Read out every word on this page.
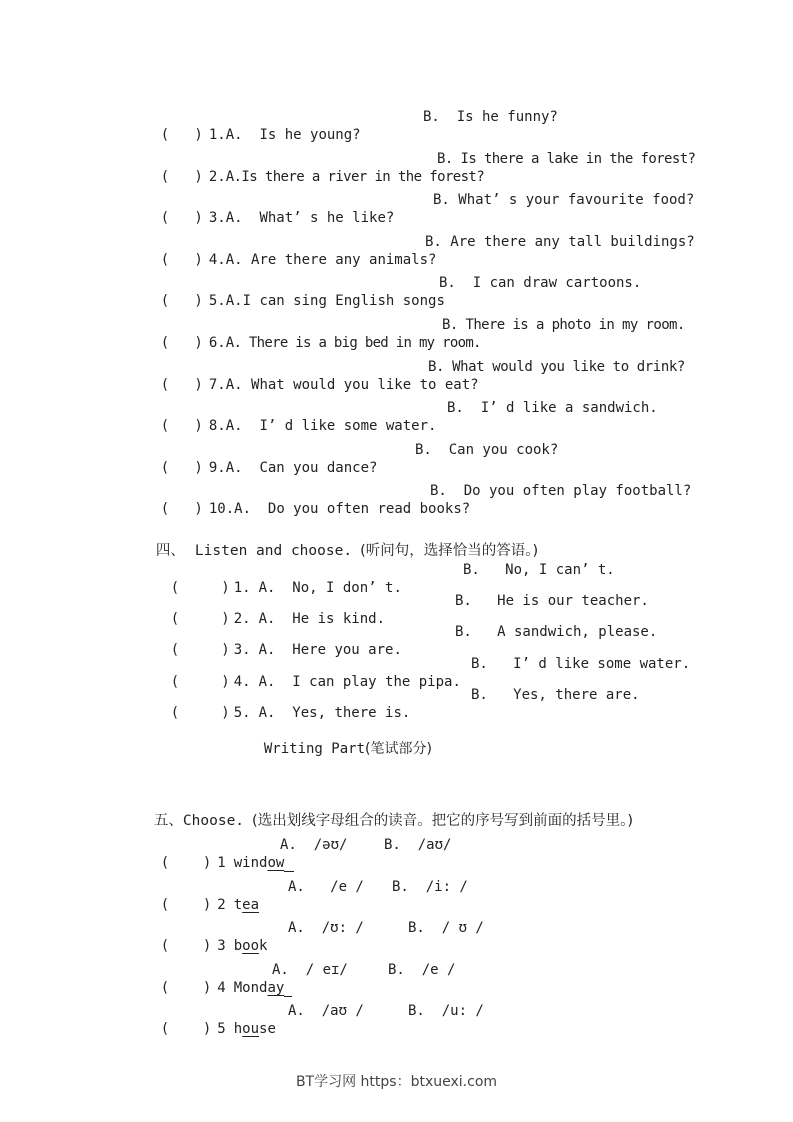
(   ) 1.A.  Is he young?

B.  Is he funny?

(   ) 2.A.Is there a river in the forest?

B. Is there a lake in the forest?

(   ) 3.A.  What’ s he like?

B. What’ s your favourite food?

(   ) 4.A. Are there any animals?

B. Are there any tall buildings?

(   ) 5.A.I can sing English songs

B.  I can draw cartoons.

(   ) 6.A. There is a big bed in my room.

B. There is a photo in my room.

(   ) 7.A. What would you like to eat?

B. What would you like to drink?

(   ) 8.A.  I’ d like some water.

B.  I’ d like a sandwich.

(   ) 9.A.  Can you dance?

B.  Can you cook?

(   ) 10.A.  Do you often read books?

B.  Do you often play football?

四、 Listen and choose. (听问句，选择恰当的答语。)

(     ) 1. A.  No, I don’ t.

B.   No, I can’ t.

(     ) 2. A.  He is kind.

B.   He is our teacher.

(     ) 3. A.  Here you are.

B.   A sandwich, please.

(     ) 4. A.  I can play the pipa.

B.   I’ d like some water.

(     ) 5. A.  Yes, there is.

B.   Yes, there are.

Writing Part(笔试部分)

五、Choose. (选出划线字母组合的读音。把它的序号写到前面的括号里。)

(    ) 1
window

A.  /əʊ/	B.  /aʊ/

(    ) 2
tea

A.   /e / B.  /i: /

(    ) 3
book

A.  /ʊ: /	B.  / ʊ /

(    ) 4
Monday

A.  / eɪ/	B.  /e /

(    ) 5
house

A.  /aʊ /	B.  /u: /
BT学习网 https：btxuexi.com
